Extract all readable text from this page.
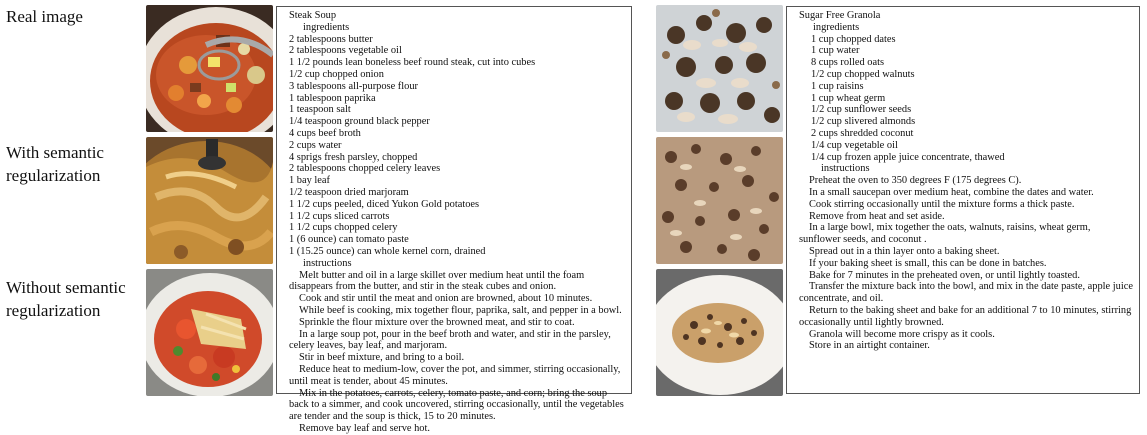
Real image
With semantic regularization
Without semantic regularization
Steak Soup
ingredients
2 tablespoons butter
2 tablespoons vegetable oil
1 1/2 pounds lean boneless beef round steak, cut into cubes
1/2 cup chopped onion
3 tablespoons all-purpose flour
1 tablespoon paprika
1 teaspoon salt
1/4 teaspoon ground black pepper
4 cups beef broth
2 cups water
4 sprigs fresh parsley, chopped
2 tablespoons chopped celery leaves
1 bay leaf
1/2 teaspoon dried marjoram
1 1/2 cups peeled, diced Yukon Gold potatoes
1 1/2 cups sliced carrots
1 1/2 cups chopped celery
1 (6 ounce) can tomato paste
1 (15.25 ounce) can whole kernel corn, drained
instructions
Melt butter and oil in a large skillet over medium heat until the foam disappears from the butter, and stir in the steak cubes and onion.
Cook and stir until the meat and onion are browned, about 10 minutes.
While beef is cooking, mix together flour, paprika, salt, and pepper in a bowl.
Sprinkle the flour mixture over the browned meat, and stir to coat.
In a large soup pot, pour in the beef broth and water, and stir in the parsley, celery leaves, bay leaf, and marjoram.
Stir in beef mixture, and bring to a boil.
Reduce heat to medium-low, cover the pot, and simmer, stirring occasionally, until meat is tender, about 45 minutes.
Mix in the potatoes, carrots, celery, tomato paste, and corn; bring the soup back to a simmer, and cook uncovered, stirring occasionally, until the vegetables are tender and the soup is thick, 15 to 20 minutes.
Remove bay leaf and serve hot.
Sugar Free Granola
ingredients
1 cup chopped dates
1 cup water
8 cups rolled oats
1/2 cup chopped walnuts
1 cup raisins
1 cup wheat germ
1/2 cup sunflower seeds
1/2 cup slivered almonds
2 cups shredded coconut
1/4 cup vegetable oil
1/4 cup frozen apple juice concentrate, thawed
instructions
Preheat the oven to 350 degrees F (175 degrees C).
In a small saucepan over medium heat, combine the dates and water.
Cook stirring occasionally until the mixture forms a thick paste.
Remove from heat and set aside.
In a large bowl, mix together the oats, walnuts, raisins, wheat germ, sunflower seeds, and coconut .
Spread out in a thin layer onto a baking sheet.
If your baking sheet is small, this can be done in batches.
Bake for 7 minutes in the preheated oven, or until lightly toasted.
Transfer the mixture back into the bowl, and mix in the date paste, apple juice concentrate, and oil.
Return to the baking sheet and bake for an additional 7 to 10 minutes, stirring occasionally until lightly browned.
Granola will become more crispy as it cools.
Store in an airtight container.
